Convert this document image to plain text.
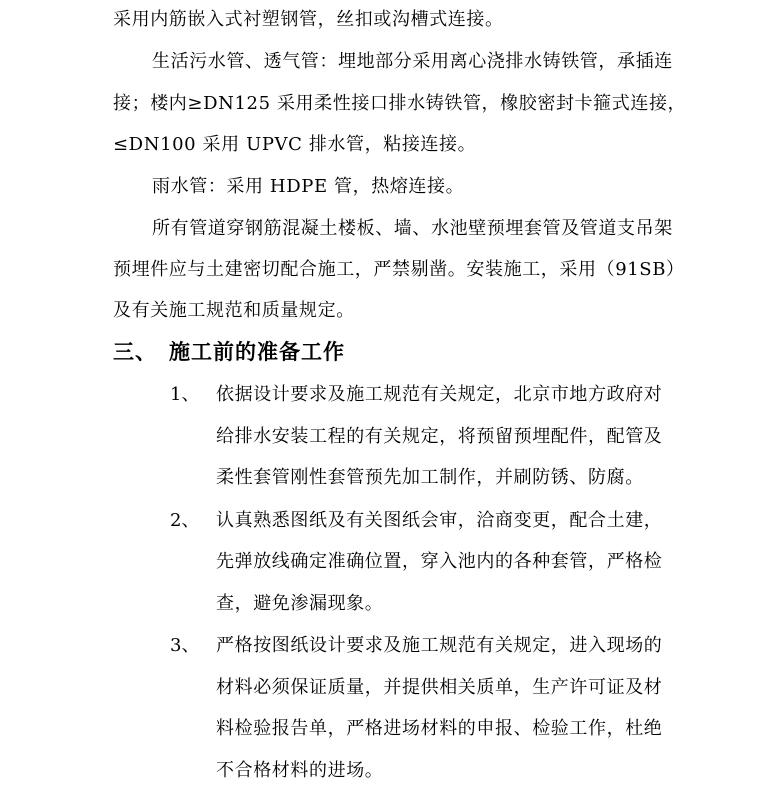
采用内筋嵌入式衬塑钢管，丝扣或沟槽式连接。
生活污水管、透气管：埋地部分采用离心浇排水铸铁管，承插连
接；楼内≥DN125 采用柔性接口排水铸铁管，橡胶密封卡箍式连接，
≤DN100 采用 UPVC 排水管，粘接连接。
雨水管：采用 HDPE 管，热熔连接。
所有管道穿钢筋混凝土楼板、墙、水池壁预埋套管及管道支吊架
预埋件应与土建密切配合施工，严禁剔凿。安装施工，采用（91SB）
及有关施工规范和质量规定。
三、 施工前的准备工作
1、 依据设计要求及施工规范有关规定，北京市地方政府对
给排水安装工程的有关规定，将预留预埋配件，配管及
柔性套管刚性套管预先加工制作，并刷防锈、防腐。
2、 认真熟悉图纸及有关图纸会审，洽商变更，配合土建，
先弹放线确定准确位置，穿入池内的各种套管，严格检
查，避免渗漏现象。
3、 严格按图纸设计要求及施工规范有关规定，进入现场的
材料必须保证质量，并提供相关质单，生产许可证及材
料检验报告单，严格进场材料的申报、检验工作，杜绝
不合格材料的进场。
